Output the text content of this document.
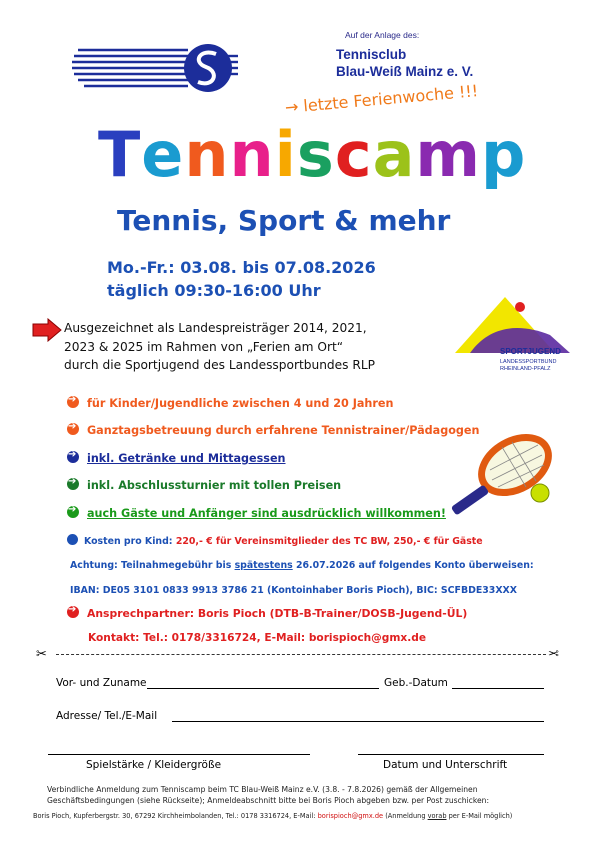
Auf der Anlage des:
Tennisclub
Blau-Weiß Mainz e. V.
→ letzte Ferienwoche !!!
Tenniscamp
Tennis, Sport & mehr
Mo.-Fr.: 03.08. bis 07.08.2026
täglich 09:30-16:00 Uhr
Ausgezeichnet als Landespreisträger 2014, 2021,
2023 & 2025 im Rahmen von „Ferien am Ort“
durch die Sportjugend des Landessportbundes RLP
SPORTJUGEND
LANDESSPORTBUND
RHEINLAND-PFALZ
➔für Kinder/Jugendliche zwischen 4 und 20 Jahren
➔Ganztagsbetreuung durch erfahrene Tennistrainer/Pädagogen
➔inkl. Getränke und Mittagessen
➔inkl. Abschlussturnier mit tollen Preisen
➔auch Gäste und Anfänger sind ausdrücklich willkommen!
Kosten pro Kind: 220,- € für Vereinsmitglieder des TC BW, 250,- € für Gäste
Achtung: Teilnahmegebühr bis spätestens 26.07.2026 auf folgendes Konto überweisen:
IBAN: DE05 3101 0833 9913 3786 21 (Kontoinhaber Boris Pioch), BIC: SCFBDE33XXX
➔Ansprechpartner: Boris Pioch (DTB-B-Trainer/DOSB-Jugend-ÜL)
Kontakt: Tel.: 0178/3316724, E-Mail: borispioch@gmx.de
✂	✂
Vor- und Zuname	Geb.-Datum
Adresse/ Tel./E-Mail
Spielstärke / Kleidergröße	Datum und Unterschrift
Verbindliche Anmeldung zum Tenniscamp beim TC Blau-Weiß Mainz e.V. (3.8. - 7.8.2026) gemäß der Allgemeinen
Geschäftsbedingungen (siehe Rückseite); Anmeldeabschnitt bitte bei Boris Pioch abgeben bzw. per Post zuschicken:
Boris Pioch, Kupferbergstr. 30, 67292 Kirchheimbolanden, Tel.: 0178 3316724, E-Mail: borispioch@gmx.de (Anmeldung vorab per E-Mail möglich)
